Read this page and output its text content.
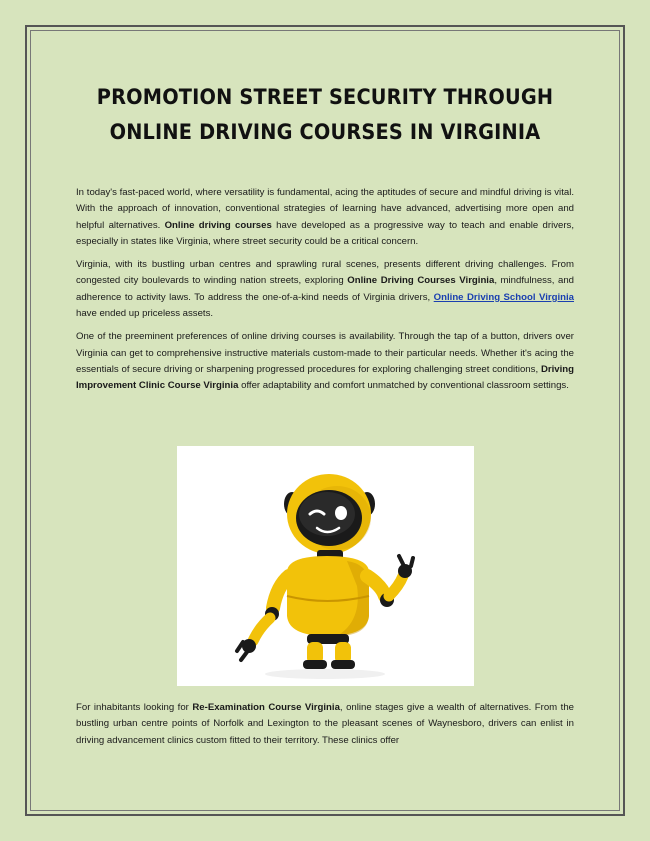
PROMOTION STREET SECURITY THROUGH
ONLINE DRIVING COURSES IN VIRGINIA

In today's fast-paced world, where versatility is fundamental, acing the aptitudes of secure and mindful driving is vital. With the approach of innovation, conventional strategies of learning have advanced, advertising more open and helpful alternatives. Online driving courses have developed as a progressive way to teach and enable drivers, especially in states like Virginia, where street security could be a critical concern.

Virginia, with its bustling urban centres and sprawling rural scenes, presents different driving challenges. From congested city boulevards to winding nation streets, exploring Online Driving Courses Virginia, mindfulness, and adherence to activity laws. To address the one-of-a-kind needs of Virginia drivers, Online Driving School Virginia have ended up priceless assets.

One of the preeminent preferences of online driving courses is availability. Through the tap of a button, drivers over Virginia can get to comprehensive instructive materials custom-made to their particular needs. Whether it's acing the essentials of secure driving or sharpening progressed procedures for exploring challenging street conditions, Driving Improvement Clinic Course Virginia offer adaptability and comfort unmatched by conventional classroom settings.

For inhabitants looking for Re-Examination Course Virginia, online stages give a wealth of alternatives. From the bustling urban centre points of Norfolk and Lexington to the pleasant scenes of Waynesboro, drivers can enlist in driving advancement clinics custom fitted to their territory. These clinics offer
